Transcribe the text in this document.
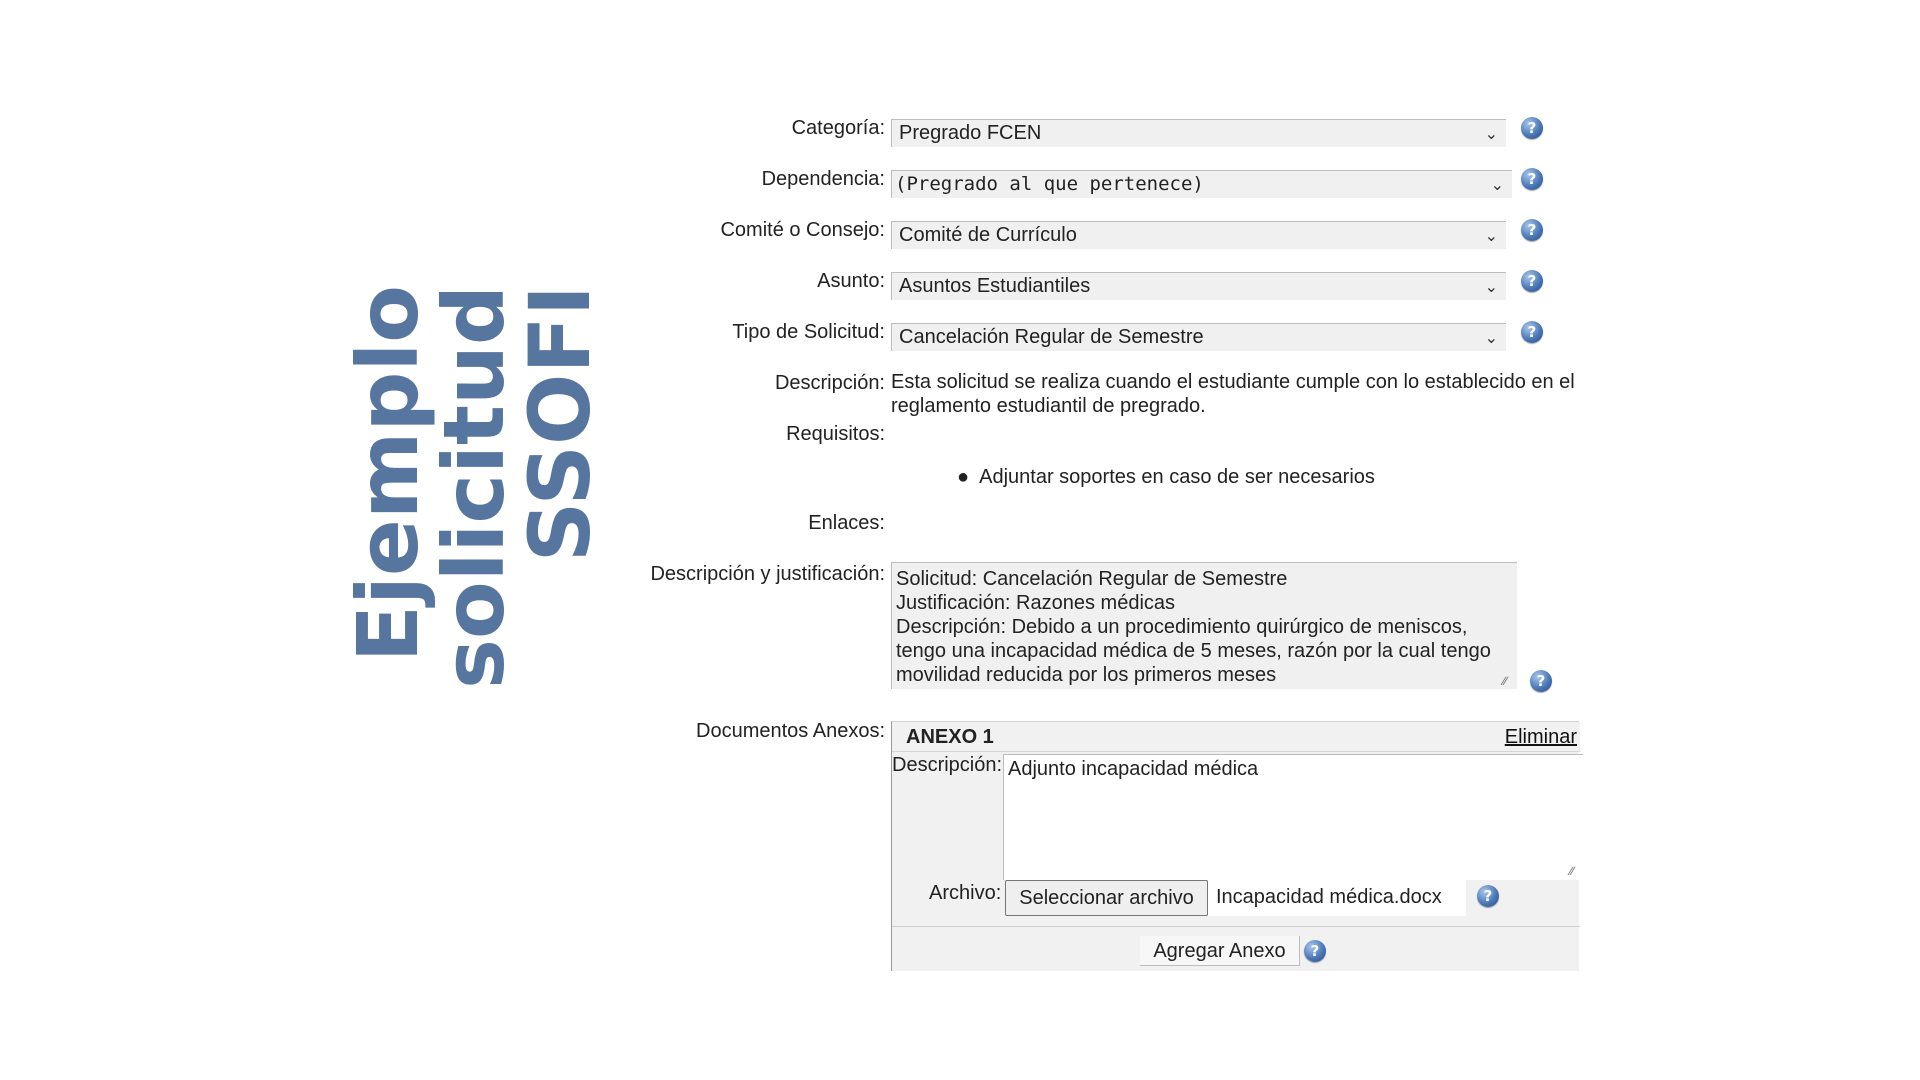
Ejemplo
solicitud
SSOFI
Categoría: Pregrado FCEN	⌄	?
Dependencia: (Pregrado al que pertenece)	⌄	?
Comité o Consejo: Comité de Currículo	⌄	?
Asunto: Asuntos Estudiantiles	⌄	?
Tipo de Solicitud: Cancelación Regular de Semestre	⌄	?
Descripción: Esta solicitud se realiza cuando el estudiante cumple con lo establecido en el reglamento estudiantil de pregrado.
Requisitos:
● Adjuntar soportes en caso de ser necesarios
Enlaces:
Descripción y justificación: Solicitud: Cancelación Regular de Semestre
Justificación: Razones médicas
Descripción: Debido a un procedimiento quirúrgico de meniscos,
tengo una incapacidad médica de 5 meses, razón por la cual tengo
movilidad reducida por los primeros meses	∕∕	?
Documentos Anexos: ANEXO 1	Eliminar
Descripción: Adjunto incapacidad médica
∕∕
Archivo: Seleccionar archivo	Incapacidad médica.docx	?
Agregar Anexo	?
